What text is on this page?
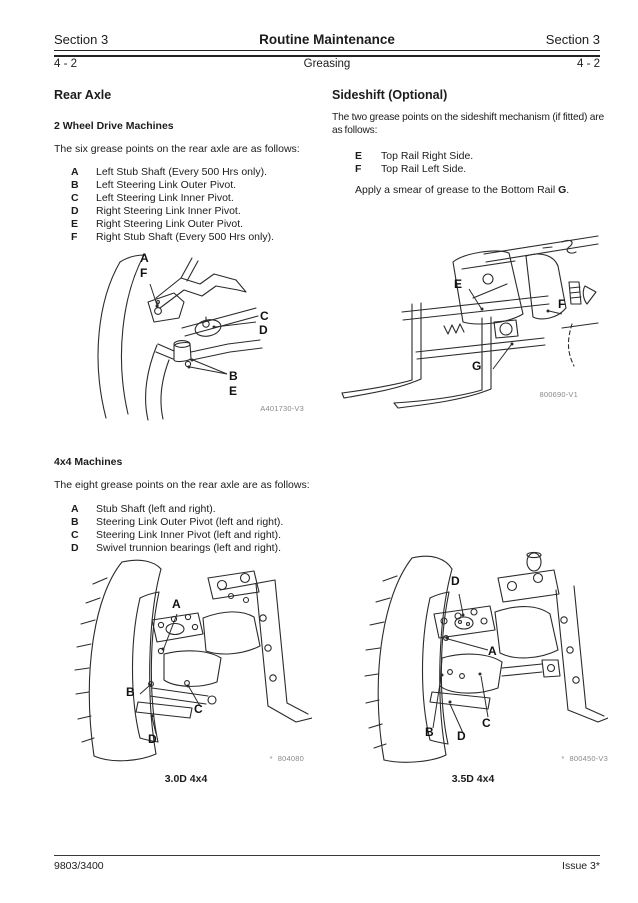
Section 3	Routine Maintenance	Section 3
4 - 2	Greasing	4 - 2
Rear Axle
2 Wheel Drive Machines
The six grease points on the rear axle are as follows:
A	Left Stub Shaft (Every 500 Hrs only).
B	Left Steering Link Outer Pivot.
C	Left Steering Link Inner Pivot.
D	Right Steering Link Inner Pivot.
E	Right Steering Link Outer Pivot.
F	Right Stub Shaft (Every 500 Hrs only).
A
F
C
D
B
E
A401730-V3
Sideshift (Optional)
The two grease points on the sideshift mechanism (if fitted) are as follows:
E	Top Rail Right Side.
F	Top Rail Left Side.
Apply a smear of grease to the Bottom Rail G.
E
F
G
800690-V1
4x4 Machines
The eight grease points on the rear axle are as follows:
A	Stub Shaft (left and right).
B	Steering Link Outer Pivot (left and right).
C	Steering Link Inner Pivot (left and right).
D	Swivel trunnion bearings (left and right).
A
B
C
D
* 804080
3.0D 4x4
D
A
B D
C
* 800450-V3
3.5D 4x4
9803/3400	Issue 3*
